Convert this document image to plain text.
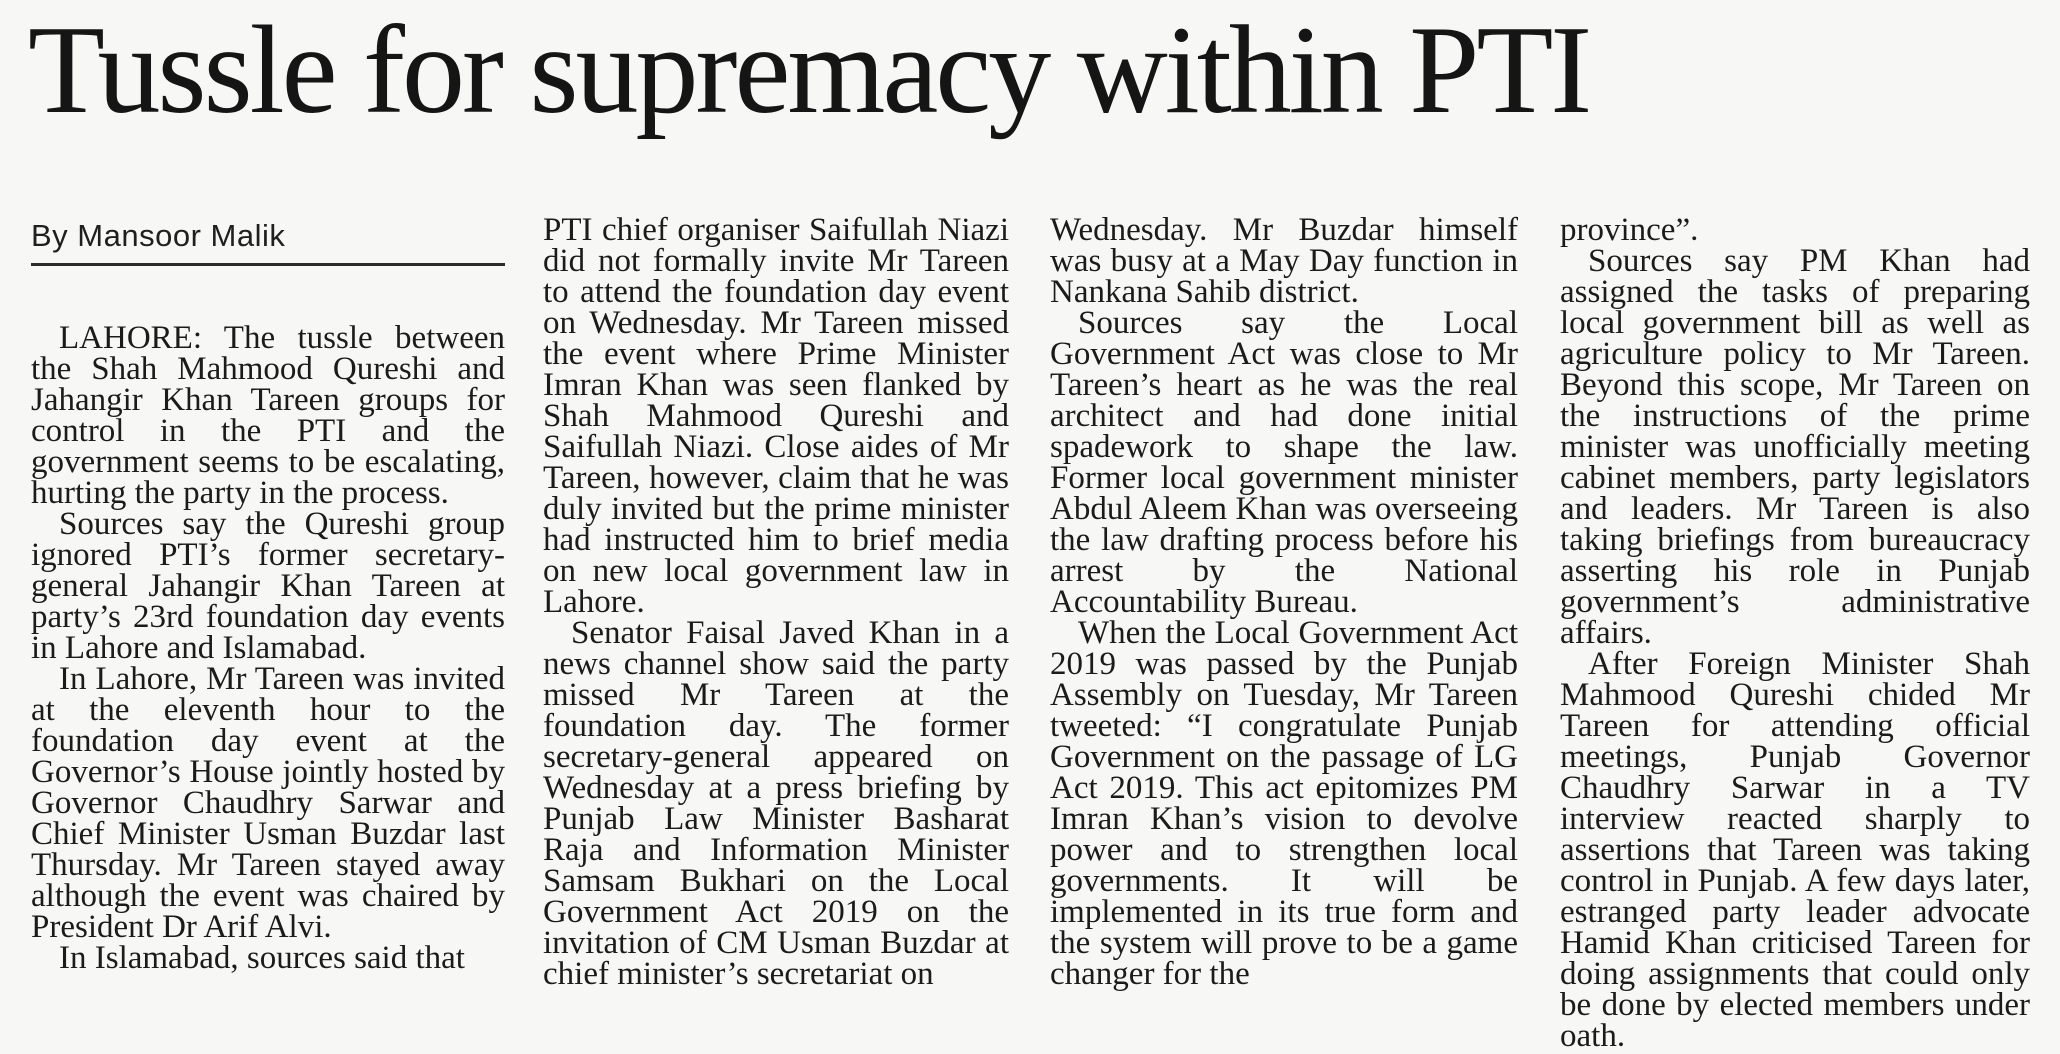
Tussle for supremacy within PTI
By Mansoor Malik

LAHORE: The tussle between the Shah Mahmood Qureshi and Jahangir Khan Tareen groups for control in the PTI and the government seems to be escalating, hurting the party in the process.

Sources say the Qureshi group ignored PTI’s former secretary-general Jahangir Khan Tareen at party’s 23rd foundation day events in Lahore and Islamabad.

In Lahore, Mr Tareen was invited at the eleventh hour to the foundation day event at the Governor’s House jointly hosted by Governor Chaudhry Sarwar and Chief Minister Usman Buzdar last Thursday. Mr Tareen stayed away although the event was chaired by President Dr Arif Alvi.

In Islamabad, sources said that

PTI chief organiser Saifullah Niazi did not formally invite Mr Tareen to attend the foundation day event on Wednesday. Mr Tareen missed the event where Prime Minister Imran Khan was seen flanked by Shah Mahmood Qureshi and Saifullah Niazi. Close aides of Mr Tareen, however, claim that he was duly invited but the prime minister had instructed him to brief media on new local government law in Lahore.

Senator Faisal Javed Khan in a news channel show said the party missed Mr Tareen at the foundation day. The former secretary-general appeared on Wednesday at a press briefing by Punjab Law Minister Basharat Raja and Information Minister Samsam Bukhari on the Local Government Act 2019 on the invitation of CM Usman Buzdar at chief minister’s secretariat on

Wednesday. Mr Buzdar himself was busy at a May Day function in Nankana Sahib district.

Sources say the Local Government Act was close to Mr Tareen’s heart as he was the real architect and had done initial spadework to shape the law. Former local government minister Abdul Aleem Khan was overseeing the law drafting process before his arrest by the National Accountability Bureau.

When the Local Government Act 2019 was passed by the Punjab Assembly on Tuesday, Mr Tareen tweeted: “I congratulate Punjab Government on the passage of LG Act 2019. This act epitomizes PM Imran Khan’s vision to devolve power and to strengthen local governments. It will be implemented in its true form and the system will prove to be a game changer for the

province”.

Sources say PM Khan had assigned the tasks of preparing local government bill as well as agriculture policy to Mr Tareen. Beyond this scope, Mr Tareen on the instructions of the prime minister was unofficially meeting cabinet members, party legislators and leaders. Mr Tareen is also taking briefings from bureaucracy asserting his role in Punjab government’s administrative affairs.

After Foreign Minister Shah Mahmood Qureshi chided Mr Tareen for attending official meetings, Punjab Governor Chaudhry Sarwar in a TV interview reacted sharply to assertions that Tareen was taking control in Punjab. A few days later, estranged party leader advocate Hamid Khan criticised Tareen for doing assignments that could only be done by elected members under oath.
